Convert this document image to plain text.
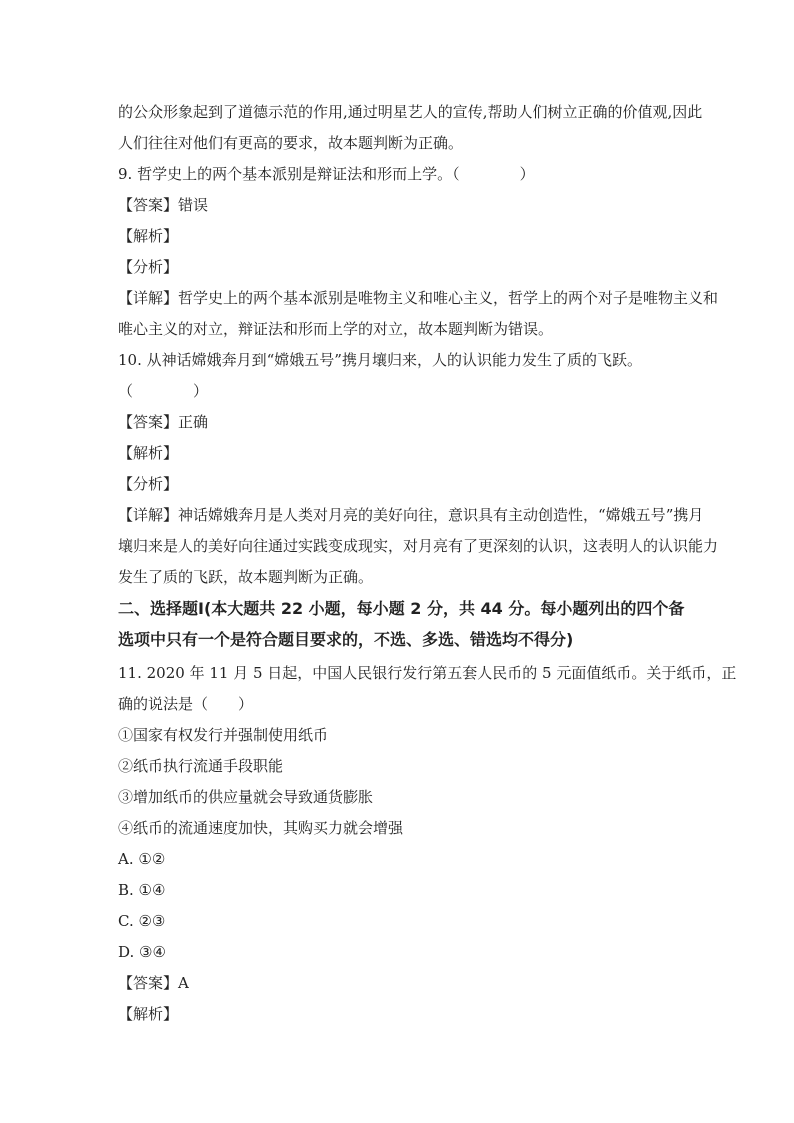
的公众形象起到了道德示范的作用,通过明星艺人的宣传,帮助人们树立正确的价值观,因此
人们往往对他们有更高的要求，故本题判断为正确。
9. 哲学史上的两个基本派别是辩证法和形而上学。（　　　　）
【答案】错误
【解析】
【分析】
【详解】哲学史上的两个基本派别是唯物主义和唯心主义，哲学上的两个对子是唯物主义和
唯心主义的对立，辩证法和形而上学的对立，故本题判断为错误。
10. 从神话嫦娥奔月到“嫦娥五号”携月壤归来，人的认识能力发生了质的飞跃。
（　　　　）
【答案】正确
【解析】
【分析】
【详解】神话嫦娥奔月是人类对月亮的美好向往，意识具有主动创造性，“嫦娥五号”携月
壤归来是人的美好向往通过实践变成现实，对月亮有了更深刻的认识，这表明人的认识能力
发生了质的飞跃，故本题判断为正确。
二、选择题Ⅰ(本大题共 22 小题，每小题 2 分，共 44 分。每小题列出的四个备
选项中只有一个是符合题目要求的，不选、多选、错选均不得分)
11. 2020 年 11 月 5 日起，中国人民银行发行第五套人民币的 5 元面值纸币。关于纸币，正
确的说法是（　　）
①国家有权发行并强制使用纸币
②纸币执行流通手段职能
③增加纸币的供应量就会导致通货膨胀
④纸币的流通速度加快，其购买力就会增强
A. ①②
B. ①④
C. ②③
D. ③④
【答案】A
【解析】
